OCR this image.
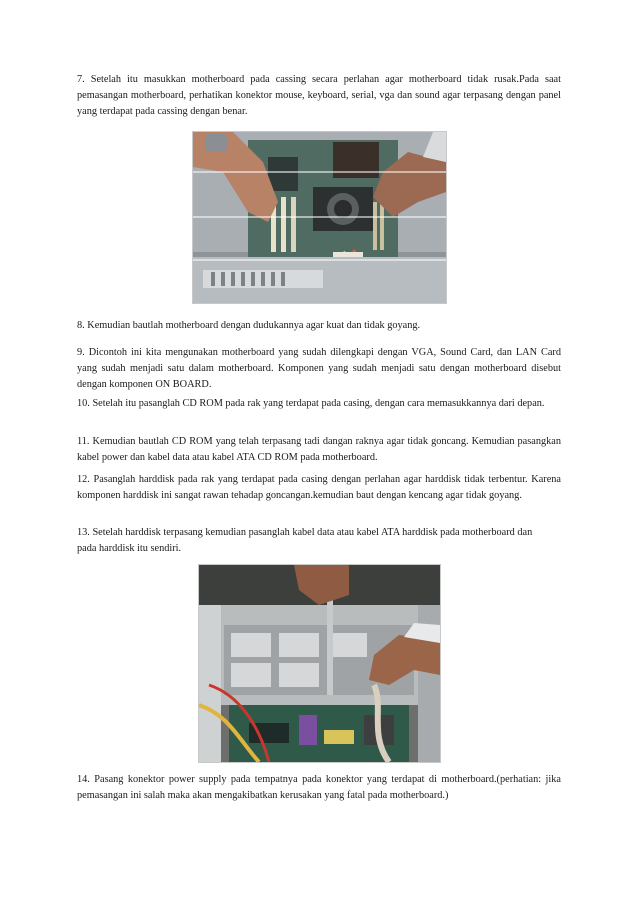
7. Setelah itu masukkan motherboard pada cassing secara perlahan agar motherboard tidak rusak.Pada saat pemasangan motherboard, perhatikan konektor mouse, keyboard, serial, vga dan sound agar terpasang dengan panel yang terdapat pada cassing dengan benar.

8. Kemudian bautlah motherboard dengan dudukannya agar kuat dan tidak goyang.

9. Dicontoh ini kita mengunakan motherboard yang sudah dilengkapi dengan VGA, Sound Card, dan LAN Card yang sudah menjadi satu dalam motherboard. Komponen yang sudah menjadi satu dengan motherboard disebut dengan komponen ON BOARD.

10. Setelah itu pasanglah CD ROM pada rak yang terdapat pada casing, dengan cara memasukkannya dari depan.

11. Kemudian bautlah CD ROM yang telah terpasang tadi dangan raknya agar tidak goncang. Kemudian pasangkan kabel power dan kabel data atau kabel ATA CD ROM pada motherboard.

12. Pasanglah harddisk pada rak yang terdapat pada casing dengan perlahan agar harddisk tidak terbentur. Karena komponen harddisk ini sangat rawan tehadap goncangan.kemudian baut dengan kencang agar tidak goyang.

13. Setelah harddisk terpasang kemudian pasanglah kabel data atau kabel ATA harddisk pada motherboard dan pada harddisk itu sendiri.

14. Pasang konektor power supply pada tempatnya pada konektor yang terdapat di motherboard.(perhatian: jika pemasangan ini salah maka akan mengakibatkan kerusakan yang fatal pada motherboard.)
